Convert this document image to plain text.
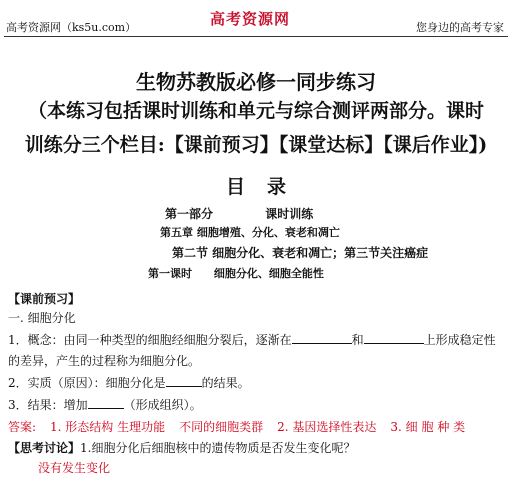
高考资源网（ks5u.com）	高考资源网	您身边的高考专家
生物苏教版必修一同步练习
（本练习包括课时训练和单元与综合测评两部分。课时
训练分三个栏目:【课前预习】【课堂达标】【课后作业】)
目录
第一部分	课时训练
第五章 细胞增殖、分化、衰老和凋亡
第二节 细胞分化、衰老和凋亡；第三节关注癌症
第一课时 细胞分化、细胞全能性
【课前预习】
一. 细胞分化
1．概念：由同一种类型的细胞经细胞分裂后，逐渐在	和	上形成稳定性
的差异，产生的过程称为细胞分化。
2．实质（原因）：细胞分化是	的结果。
3．结果：增加	（形成组织）。
答案: 1. 形态结构 生理功能 不同的细胞类群 2. 基因选择性表达 3. 细 胞 种 类
【思考讨论】1.细胞分化后细胞核中的遗传物质是否发生变化呢？
没有发生变化
